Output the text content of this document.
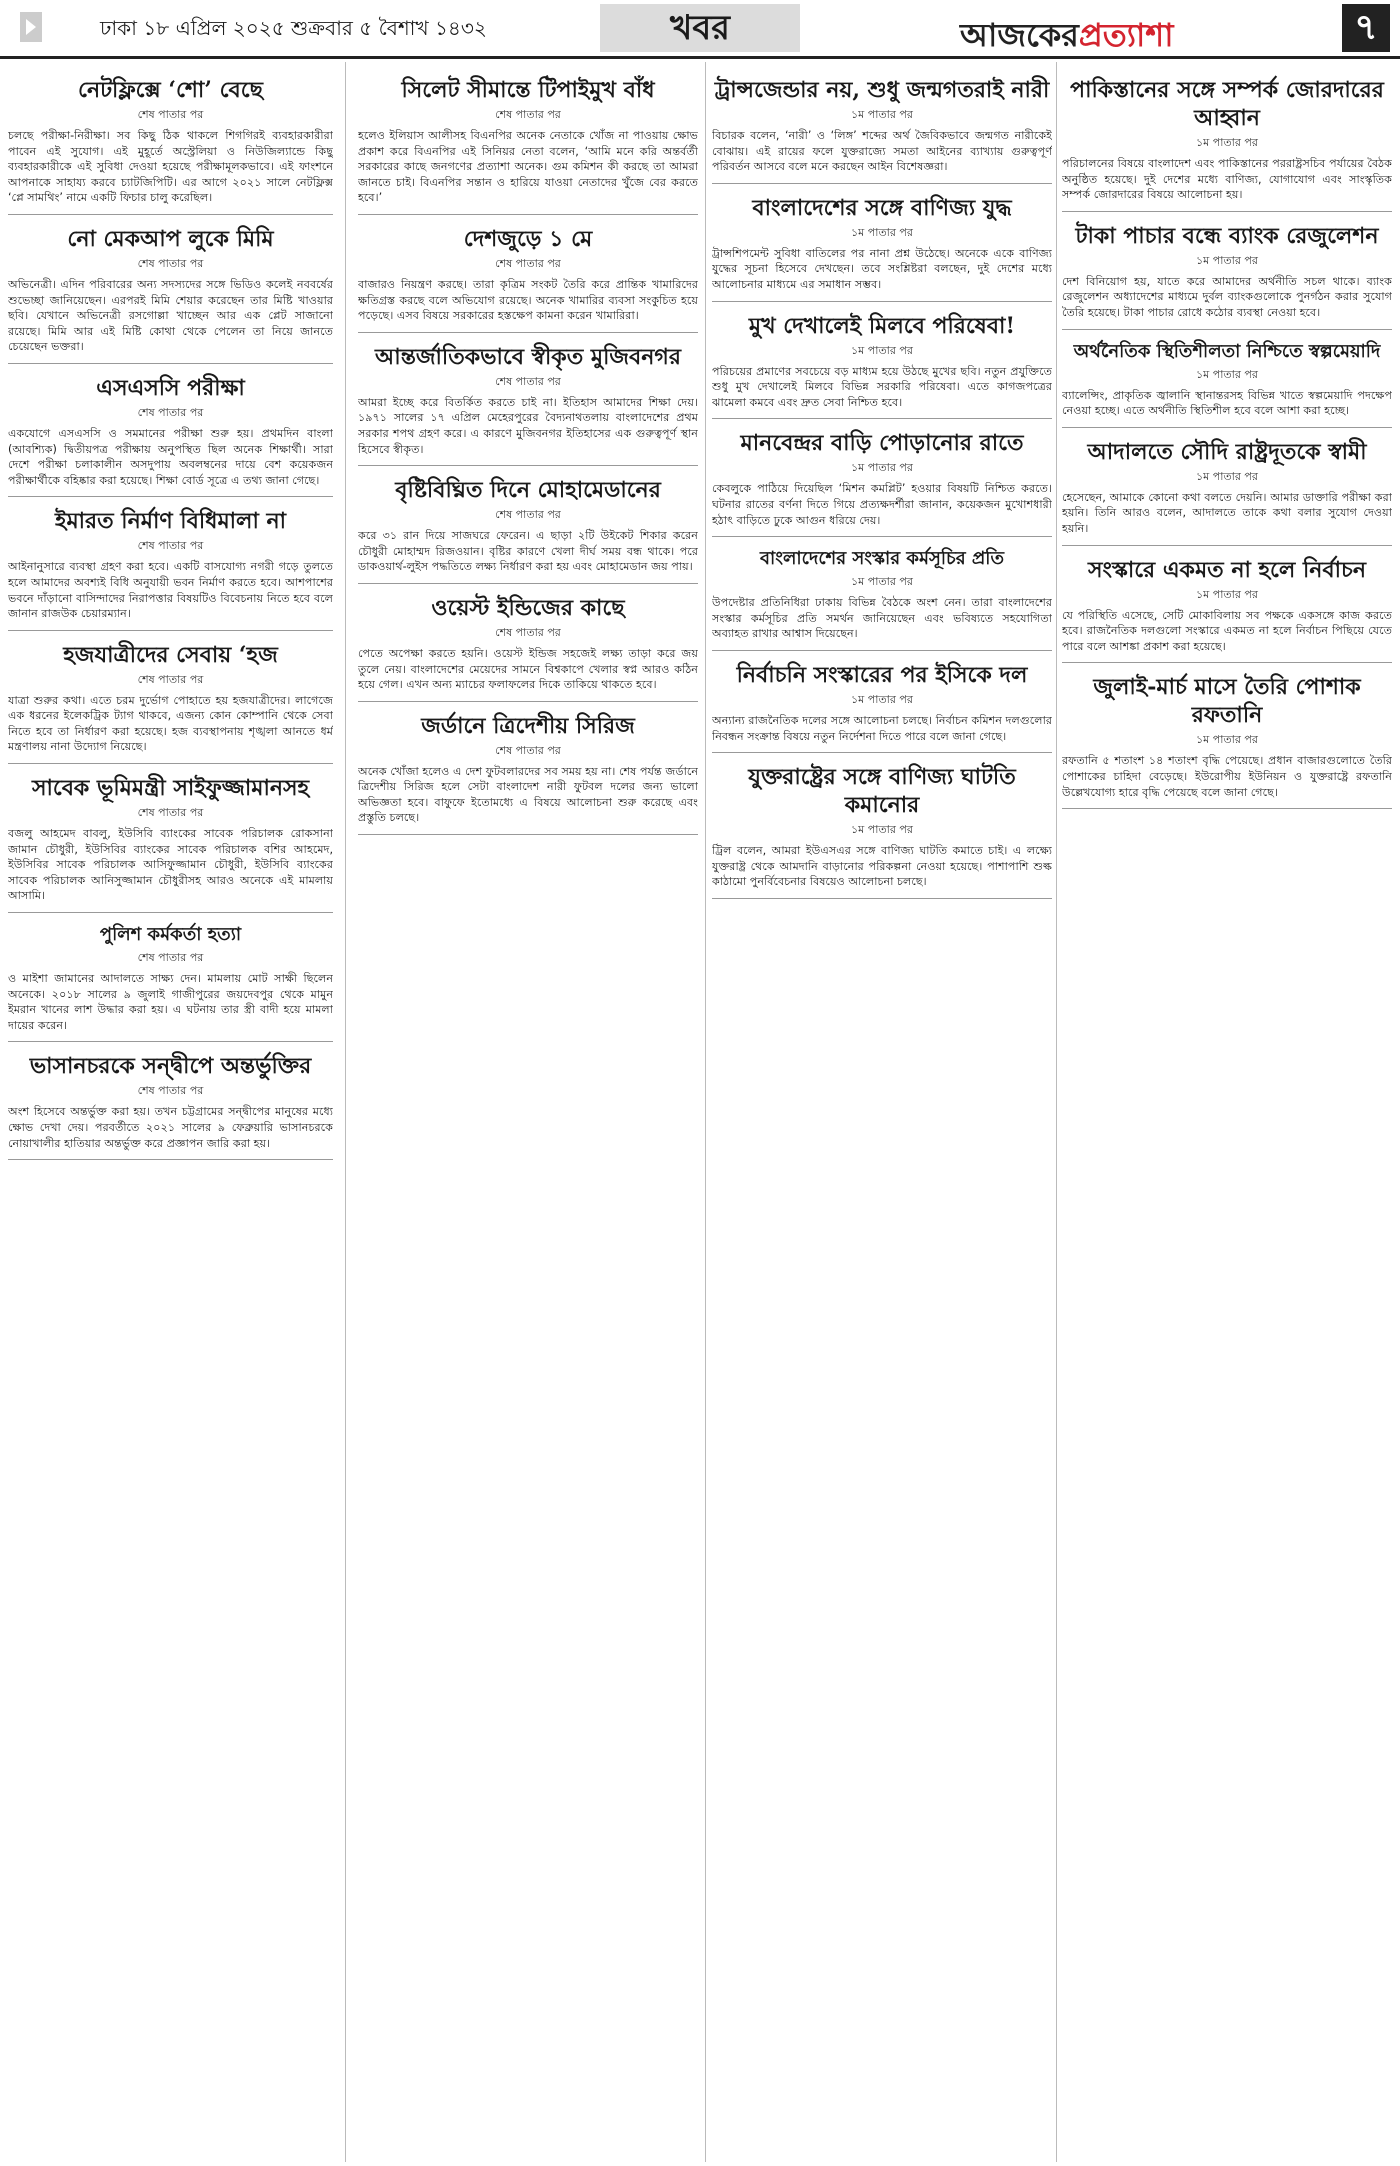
ঢাকা ১৮ এপ্রিল ২০২৫ শুক্রবার ৫ বৈশাখ ১৪৩২	খবর	আজকেরপ্রত্যাশা	৭
নেটফ্লিক্সে ‘শো’ বেছে
শেষ পাতার পর

চলছে পরীক্ষা-নিরীক্ষা। সব কিছু ঠিক থাকলে শিগগিরই ব্যবহারকারীরা পাবেন এই সুযোগ। এই মুহূর্তে অস্ট্রেলিয়া ও নিউজিল্যান্ডে কিছু ব্যবহারকারীকে এই সুবিধা দেওয়া হয়েছে পরীক্ষামূলকভাবে। এই ফাংশনে আপনাকে সাহায্য করবে চ্যাটজিপিটি। এর আগে ২০২১ সালে নেটফ্লিক্স ‘প্লে সামথিং’ নামে একটি ফিচার চালু করেছিল।

নো মেকআপ লুকে মিমি
শেষ পাতার পর

অভিনেত্রী। এদিন পরিবারের অন্য সদস্যদের সঙ্গে ভিডিও কলেই নববর্ষের শুভেচ্ছা জানিয়েছেন। এরপরই মিমি শেয়ার করেছেন তার মিষ্টি খাওয়ার ছবি। যেখানে অভিনেত্রী রসগোল্লা খাচ্ছেন আর এক প্লেট সাজানো রয়েছে। মিমি আর এই মিষ্টি কোথা থেকে পেলেন তা নিয়ে জানতে চেয়েছেন ভক্তরা।

এসএসসি পরীক্ষা
শেষ পাতার পর

একযোগে এসএসসি ও সমমানের পরীক্ষা শুরু হয়। প্রথমদিন বাংলা (আবশ্যিক) দ্বিতীয়পত্র পরীক্ষায় অনুপস্থিত ছিল অনেক শিক্ষার্থী। সারা দেশে পরীক্ষা চলাকালীন অসদুপায় অবলম্বনের দায়ে বেশ কয়েকজন পরীক্ষার্থীকে বহিষ্কার করা হয়েছে। শিক্ষা বোর্ড সূত্রে এ তথ্য জানা গেছে।

ইমারত নির্মাণ বিধিমালা না
শেষ পাতার পর

আইনানুসারে ব্যবস্থা গ্রহণ করা হবে। একটি বাসযোগ্য নগরী গড়ে তুলতে হলে আমাদের অবশ্যই বিধি অনুযায়ী ভবন নির্মাণ করতে হবে। আশপাশের ভবনে দাঁড়ানো বাসিন্দাদের নিরাপত্তার বিষয়টিও বিবেচনায় নিতে হবে বলে জানান রাজউক চেয়ারম্যান।

হজযাত্রীদের সেবায় ‘হজ
শেষ পাতার পর

যাত্রা শুরুর কথা। এতে চরম দুর্ভোগ পোহাতে হয় হজযাত্রীদের। লাগেজে এক ধরনের ইলেকট্রিক ট্যাগ থাকবে, এজন্য কোন কোম্পানি থেকে সেবা নিতে হবে তা নির্ধারণ করা হয়েছে। হজ ব্যবস্থাপনায় শৃঙ্খলা আনতে ধর্ম মন্ত্রণালয় নানা উদ্যোগ নিয়েছে।

সাবেক ভূমিমন্ত্রী সাইফুজ্জামানসহ
শেষ পাতার পর

বজলু আহমেদ বাবলু, ইউসিবি ব্যাংকের সাবেক পরিচালক রোকসানা জামান চৌধুরী, ইউসিবির ব্যাংকের সাবেক পরিচালক বশির আহমেদ, ইউসিবির সাবেক পরিচালক আসিফুজ্জামান চৌধুরী, ইউসিবি ব্যাংকের সাবেক পরিচালক আনিসুজ্জামান চৌধুরীসহ আরও অনেকে এই মামলায় আসামি।

পুলিশ কর্মকর্তা হত্যা
শেষ পাতার পর

ও মাইশা জামানের আদালতে সাক্ষ্য দেন। মামলায় মোট সাক্ষী ছিলেন অনেকে। ২০১৮ সালের ৯ জুলাই গাজীপুরের জয়দেবপুর থেকে মামুন ইমরান খানের লাশ উদ্ধার করা হয়। এ ঘটনায় তার স্ত্রী বাদী হয়ে মামলা দায়ের করেন।

ভাসানচরকে সন্দ্বীপে অন্তর্ভুক্তির
শেষ পাতার পর

অংশ হিসেবে অন্তর্ভুক্ত করা হয়। তখন চট্টগ্রামের সন্দ্বীপের মানুষের মধ্যে ক্ষোভ দেখা দেয়। পরবর্তীতে ২০২১ সালের ৯ ফেব্রুয়ারি ভাসানচরকে নোয়াখালীর হাতিয়ার অন্তর্ভুক্ত করে প্রজ্ঞাপন জারি করা হয়।

সিলেট সীমান্তে টিপাইমুখ বাঁধ
শেষ পাতার পর

হলেও ইলিয়াস আলীসহ বিএনপির অনেক নেতাকে খোঁজ না পাওয়ায় ক্ষোভ প্রকাশ করে বিএনপির এই সিনিয়র নেতা বলেন, ‘আমি মনে করি অন্তর্বর্তী সরকারের কাছে জনগণের প্রত্যাশা অনেক। গুম কমিশন কী করছে তা আমরা জানতে চাই। বিএনপির সন্তান ও হারিয়ে যাওয়া নেতাদের খুঁজে বের করতে হবে।’

দেশজুড়ে ১ মে
শেষ পাতার পর

বাজারও নিয়ন্ত্রণ করছে। তারা কৃত্রিম সংকট তৈরি করে প্রান্তিক খামারিদের ক্ষতিগ্রস্ত করছে বলে অভিযোগ রয়েছে। অনেক খামারির ব্যবসা সংকুচিত হয়ে পড়েছে। এসব বিষয়ে সরকারের হস্তক্ষেপ কামনা করেন খামারিরা।

আন্তর্জাতিকভাবে স্বীকৃত মুজিবনগর
শেষ পাতার পর

আমরা ইচ্ছে করে বিতর্কিত করতে চাই না। ইতিহাস আমাদের শিক্ষা দেয়। ১৯৭১ সালের ১৭ এপ্রিল মেহেরপুরের বৈদ্যনাথতলায় বাংলাদেশের প্রথম সরকার শপথ গ্রহণ করে। এ কারণে মুজিবনগর ইতিহাসের এক গুরুত্বপূর্ণ স্থান হিসেবে স্বীকৃত।

বৃষ্টিবিঘ্নিত দিনে মোহামেডানের
শেষ পাতার পর

করে ৩১ রান দিয়ে সাজঘরে ফেরেন। এ ছাড়া ২টি উইকেট শিকার করেন চৌধুরী মোহাম্মদ রিজওয়ান। বৃষ্টির কারণে খেলা দীর্ঘ সময় বন্ধ থাকে। পরে ডাকওয়ার্থ-লুইস পদ্ধতিতে লক্ষ্য নির্ধারণ করা হয় এবং মোহামেডান জয় পায়।

ওয়েস্ট ইন্ডিজের কাছে
শেষ পাতার পর

পেতে অপেক্ষা করতে হয়নি। ওয়েস্ট ইন্ডিজ সহজেই লক্ষ্য তাড়া করে জয় তুলে নেয়। বাংলাদেশের মেয়েদের সামনে বিশ্বকাপে খেলার স্বপ্ন আরও কঠিন হয়ে গেল। এখন অন্য ম্যাচের ফলাফলের দিকে তাকিয়ে থাকতে হবে।

জর্ডানে ত্রিদেশীয় সিরিজ
শেষ পাতার পর

অনেক খোঁজা হলেও এ দেশ ফুটবলারদের সব সময় হয় না। শেষ পর্যন্ত জর্ডানে ত্রিদেশীয় সিরিজ হলে সেটা বাংলাদেশ নারী ফুটবল দলের জন্য ভালো অভিজ্ঞতা হবে। বাফুফে ইতোমধ্যে এ বিষয়ে আলোচনা শুরু করেছে এবং প্রস্তুতি চলছে।

ট্রান্সজেন্ডার নয়, শুধু জন্মগতরাই নারী
১ম পাতার পর

বিচারক বলেন, ‘নারী’ ও ‘লিঙ্গ’ শব্দের অর্থ জৈবিকভাবে জন্মগত নারীকেই বোঝায়। এই রায়ের ফলে যুক্তরাজ্যে সমতা আইনের ব্যাখ্যায় গুরুত্বপূর্ণ পরিবর্তন আসবে বলে মনে করছেন আইন বিশেষজ্ঞরা।

বাংলাদেশের সঙ্গে বাণিজ্য যুদ্ধ
১ম পাতার পর

ট্রান্সশিপমেন্ট সুবিধা বাতিলের পর নানা প্রশ্ন উঠেছে। অনেকে একে বাণিজ্য যুদ্ধের সূচনা হিসেবে দেখছেন। তবে সংশ্লিষ্টরা বলছেন, দুই দেশের মধ্যে আলোচনার মাধ্যমে এর সমাধান সম্ভব।

মুখ দেখালেই মিলবে পরিষেবা!
১ম পাতার পর

পরিচয়ের প্রমাণের সবচেয়ে বড় মাধ্যম হয়ে উঠছে মুখের ছবি। নতুন প্রযুক্তিতে শুধু মুখ দেখালেই মিলবে বিভিন্ন সরকারি পরিষেবা। এতে কাগজপত্রের ঝামেলা কমবে এবং দ্রুত সেবা নিশ্চিত হবে।

মানবেন্দ্রর বাড়ি পোড়ানোর রাতে
১ম পাতার পর

কেবলুকে পাঠিয়ে দিয়েছিল ‘মিশন কমপ্লিট’ হওয়ার বিষয়টি নিশ্চিত করতে। ঘটনার রাতের বর্ণনা দিতে গিয়ে প্রত্যক্ষদর্শীরা জানান, কয়েকজন মুখোশধারী হঠাৎ বাড়িতে ঢুকে আগুন ধরিয়ে দেয়।

বাংলাদেশের সংস্কার কর্মসূচির প্রতি
১ম পাতার পর

উপদেষ্টার প্রতিনিধিরা ঢাকায় বিভিন্ন বৈঠকে অংশ নেন। তারা বাংলাদেশের সংস্কার কর্মসূচির প্রতি সমর্থন জানিয়েছেন এবং ভবিষ্যতে সহযোগিতা অব্যাহত রাখার আশ্বাস দিয়েছেন।

নির্বাচনি সংস্কারের পর ইসিকে দল
১ম পাতার পর

অন্যান্য রাজনৈতিক দলের সঙ্গে আলোচনা চলছে। নির্বাচন কমিশন দলগুলোর নিবন্ধন সংক্রান্ত বিষয়ে নতুন নির্দেশনা দিতে পারে বলে জানা গেছে।

যুক্তরাষ্ট্রের সঙ্গে বাণিজ্য ঘাটতি কমানোর
১ম পাতার পর

ট্রিল বলেন, আমরা ইউএসএর সঙ্গে বাণিজ্য ঘাটতি কমাতে চাই। এ লক্ষ্যে যুক্তরাষ্ট্র থেকে আমদানি বাড়ানোর পরিকল্পনা নেওয়া হয়েছে। পাশাপাশি শুল্ক কাঠামো পুনর্বিবেচনার বিষয়েও আলোচনা চলছে।

পাকিস্তানের সঙ্গে সম্পর্ক জোরদারের আহ্বান
১ম পাতার পর

পরিচালনের বিষয়ে বাংলাদেশ এবং পাকিস্তানের পররাষ্ট্রসচিব পর্যায়ের বৈঠক অনুষ্ঠিত হয়েছে। দুই দেশের মধ্যে বাণিজ্য, যোগাযোগ এবং সাংস্কৃতিক সম্পর্ক জোরদারের বিষয়ে আলোচনা হয়।

টাকা পাচার বন্ধে ব্যাংক রেজুলেশন
১ম পাতার পর

দেশ বিনিয়োগ হয়, যাতে করে আমাদের অর্থনীতি সচল থাকে। ব্যাংক রেজুলেশন অধ্যাদেশের মাধ্যমে দুর্বল ব্যাংকগুলোকে পুনর্গঠন করার সুযোগ তৈরি হয়েছে। টাকা পাচার রোধে কঠোর ব্যবস্থা নেওয়া হবে।

অর্থনৈতিক স্থিতিশীলতা নিশ্চিতে স্বল্পমেয়াদি
১ম পাতার পর

ব্যালেন্সিং, প্রাকৃতিক জ্বালানি স্থানান্তরসহ বিভিন্ন খাতে স্বল্পমেয়াদি পদক্ষেপ নেওয়া হচ্ছে। এতে অর্থনীতি স্থিতিশীল হবে বলে আশা করা হচ্ছে।

আদালতে সৌদি রাষ্ট্রদূতকে স্বামী
১ম পাতার পর

হেসেছেন, আমাকে কোনো কথা বলতে দেয়নি। আমার ডাক্তারি পরীক্ষা করা হয়নি। তিনি আরও বলেন, আদালতে তাকে কথা বলার সুযোগ দেওয়া হয়নি।

সংস্কারে একমত না হলে নির্বাচন
১ম পাতার পর

যে পরিস্থিতি এসেছে, সেটি মোকাবিলায় সব পক্ষকে একসঙ্গে কাজ করতে হবে। রাজনৈতিক দলগুলো সংস্কারে একমত না হলে নির্বাচন পিছিয়ে যেতে পারে বলে আশঙ্কা প্রকাশ করা হয়েছে।

জুলাই-মার্চ মাসে তৈরি পোশাক রফতানি
১ম পাতার পর

রফতানি ৫ শতাংশ ১৪ শতাংশ বৃদ্ধি পেয়েছে। প্রধান বাজারগুলোতে তৈরি পোশাকের চাহিদা বেড়েছে। ইউরোপীয় ইউনিয়ন ও যুক্তরাষ্ট্রে রফতানি উল্লেখযোগ্য হারে বৃদ্ধি পেয়েছে বলে জানা গেছে।
